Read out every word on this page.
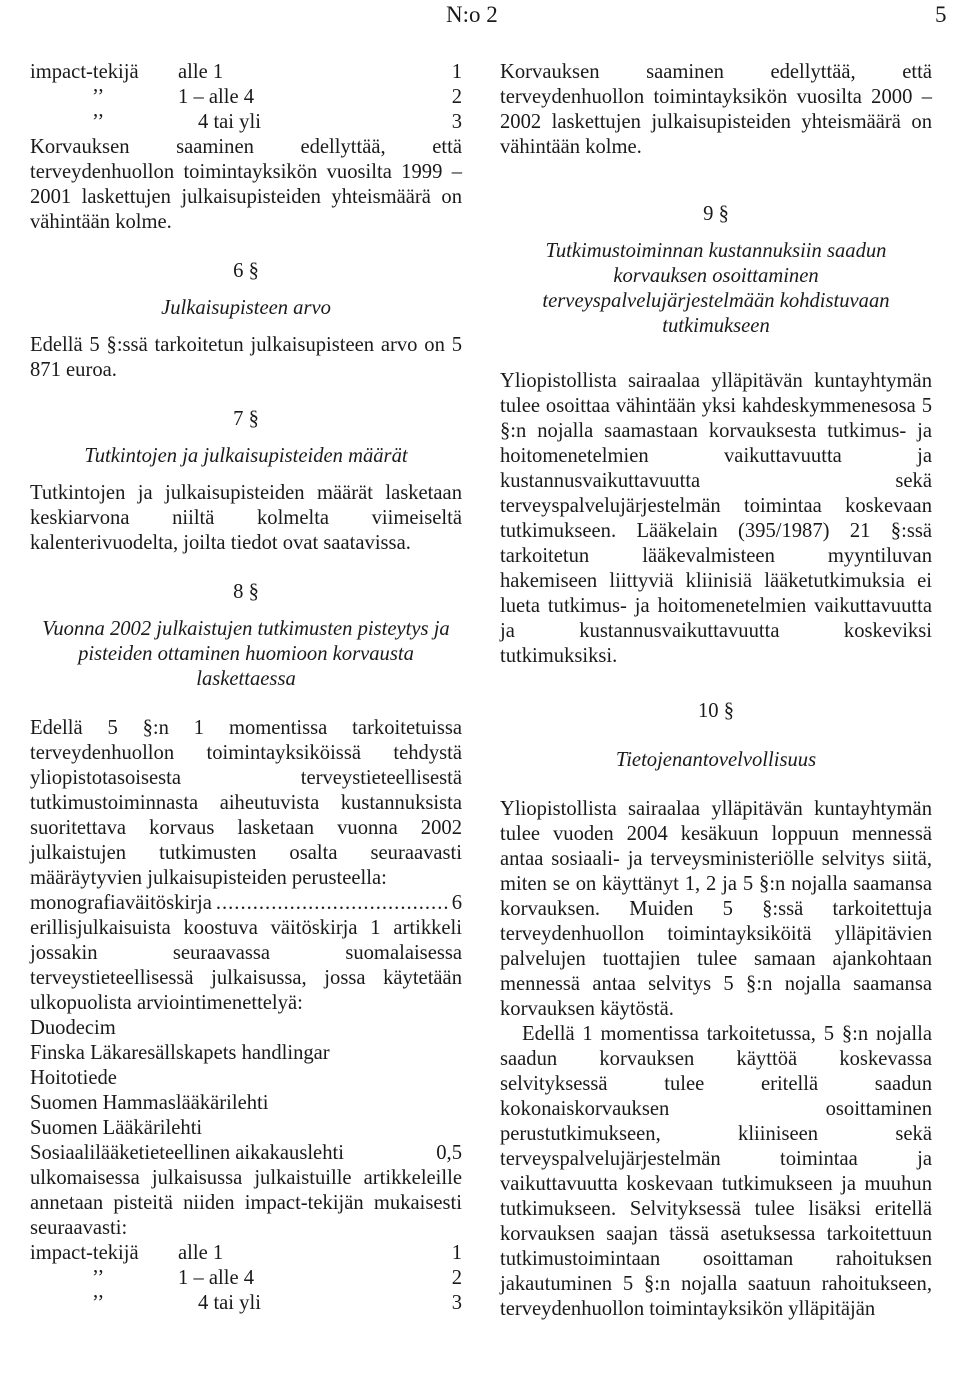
N:o 2	5
impact-tekijä alle 1	1
’’	1 – alle 4	2
’’	4 tai yli	3

Korvauksen saaminen edellyttää, että terveydenhuollon toimintayksikön vuosilta 1999 – 2001 laskettujen julkaisupisteiden yhteismäärä on vähintään kolme.

6 §

Julkaisupisteen arvo

Edellä 5 §:ssä tarkoitetun julkaisupisteen arvo on 5 871 euroa.

7 §

Tutkintojen ja julkaisupisteiden määrät

Tutkintojen ja julkaisupisteiden määrät lasketaan keskiarvona niiltä kolmelta viimeiseltä kalenterivuodelta, joilta tiedot ovat saatavissa.

8 §

Vuonna 2002 julkaistujen tutkimusten pisteytys ja pisteiden ottaminen huomioon korvausta laskettaessa

Edellä 5 §:n 1 momentissa tarkoitetuissa terveydenhuollon toimintayksiköissä tehdystä yliopistotasoisesta terveystieteellisestä tutkimustoiminnasta aiheutuvista kustannuksista suoritettava korvaus lasketaan vuonna 2002 julkaistujen tutkimusten osalta seuraavasti määräytyvien julkaisupisteiden perusteella:

monografiaväitöskirja .....	6

erillisjulkaisuista koostuva väitöskirja 1 artikkeli jossakin seuraavassa suomalaisessa terveystieteellisessä julkaisussa, jossa käytetään ulkopuolista arviointimenettelyä:

Duodecim
Finska Läkaresällskapets handlingar
Hoitotiede
Suomen Hammaslääkärilehti
Suomen Lääkärilehti
Sosiaalilääketieteellinen aikakauslehti	0,5

ulkomaisessa julkaisussa julkaistuille artikkeleille annetaan pisteitä niiden impact-tekijän mukaisesti seuraavasti:

impact-tekijä alle 1	1
’’	1 – alle 4	2
’’	4 tai yli	3

Korvauksen saaminen edellyttää, että terveydenhuollon toimintayksikön vuosilta 2000 – 2002 laskettujen julkaisupisteiden yhteismäärä on vähintään kolme.

9 §

Tutkimustoiminnan kustannuksiin saadun korvauksen osoittaminen terveyspalvelujärjestelmään kohdistuvaan tutkimukseen

Yliopistollista sairaalaa ylläpitävän kuntayhtymän tulee osoittaa vähintään yksi kahdeskymmenesosa 5 §:n nojalla saamastaan korvauksesta tutkimus- ja hoitomenetelmien vaikuttavuutta ja kustannusvaikuttavuutta sekä terveyspalvelujärjestelmän toimintaa koskevaan tutkimukseen. Lääkelain (395/1987) 21 §:ssä tarkoitetun lääkevalmisteen myyntiluvan hakemiseen liittyviä kliinisiä lääketutkimuksia ei lueta tutkimus- ja hoitomenetelmien vaikuttavuutta ja kustannusvaikuttavuutta koskeviksi tutkimuksiksi.

10 §

Tietojenantovelvollisuus

Yliopistollista sairaalaa ylläpitävän kuntayhtymän tulee vuoden 2004 kesäkuun loppuun mennessä antaa sosiaali- ja terveysministeriölle selvitys siitä, miten se on käyttänyt 1, 2 ja 5 §:n nojalla saamansa korvauksen. Muiden 5 §:ssä tarkoitettuja terveydenhuollon toimintayksiköitä ylläpitävien palvelujen tuottajien tulee samaan ajankohtaan mennessä antaa selvitys 5 §:n nojalla saamansa korvauksen käytöstä.

Edellä 1 momentissa tarkoitetussa, 5 §:n nojalla saadun korvauksen käyttöä koskevassa selvityksessä tulee eritellä saadun kokonaiskorvauksen osoittaminen perustutkimukseen, kliiniseen sekä terveyspalvelujärjestelmän toimintaa ja vaikuttavuutta koskevaan tutkimukseen ja muuhun tutkimukseen. Selvityksessä tulee lisäksi eritellä korvauksen saajan tässä asetuksessa tarkoitettuun tutkimustoimintaan osoittaman rahoituksen jakautuminen 5 §:n nojalla saatuun rahoitukseen, terveydenhuollon toimintayksikön ylläpitäjän
